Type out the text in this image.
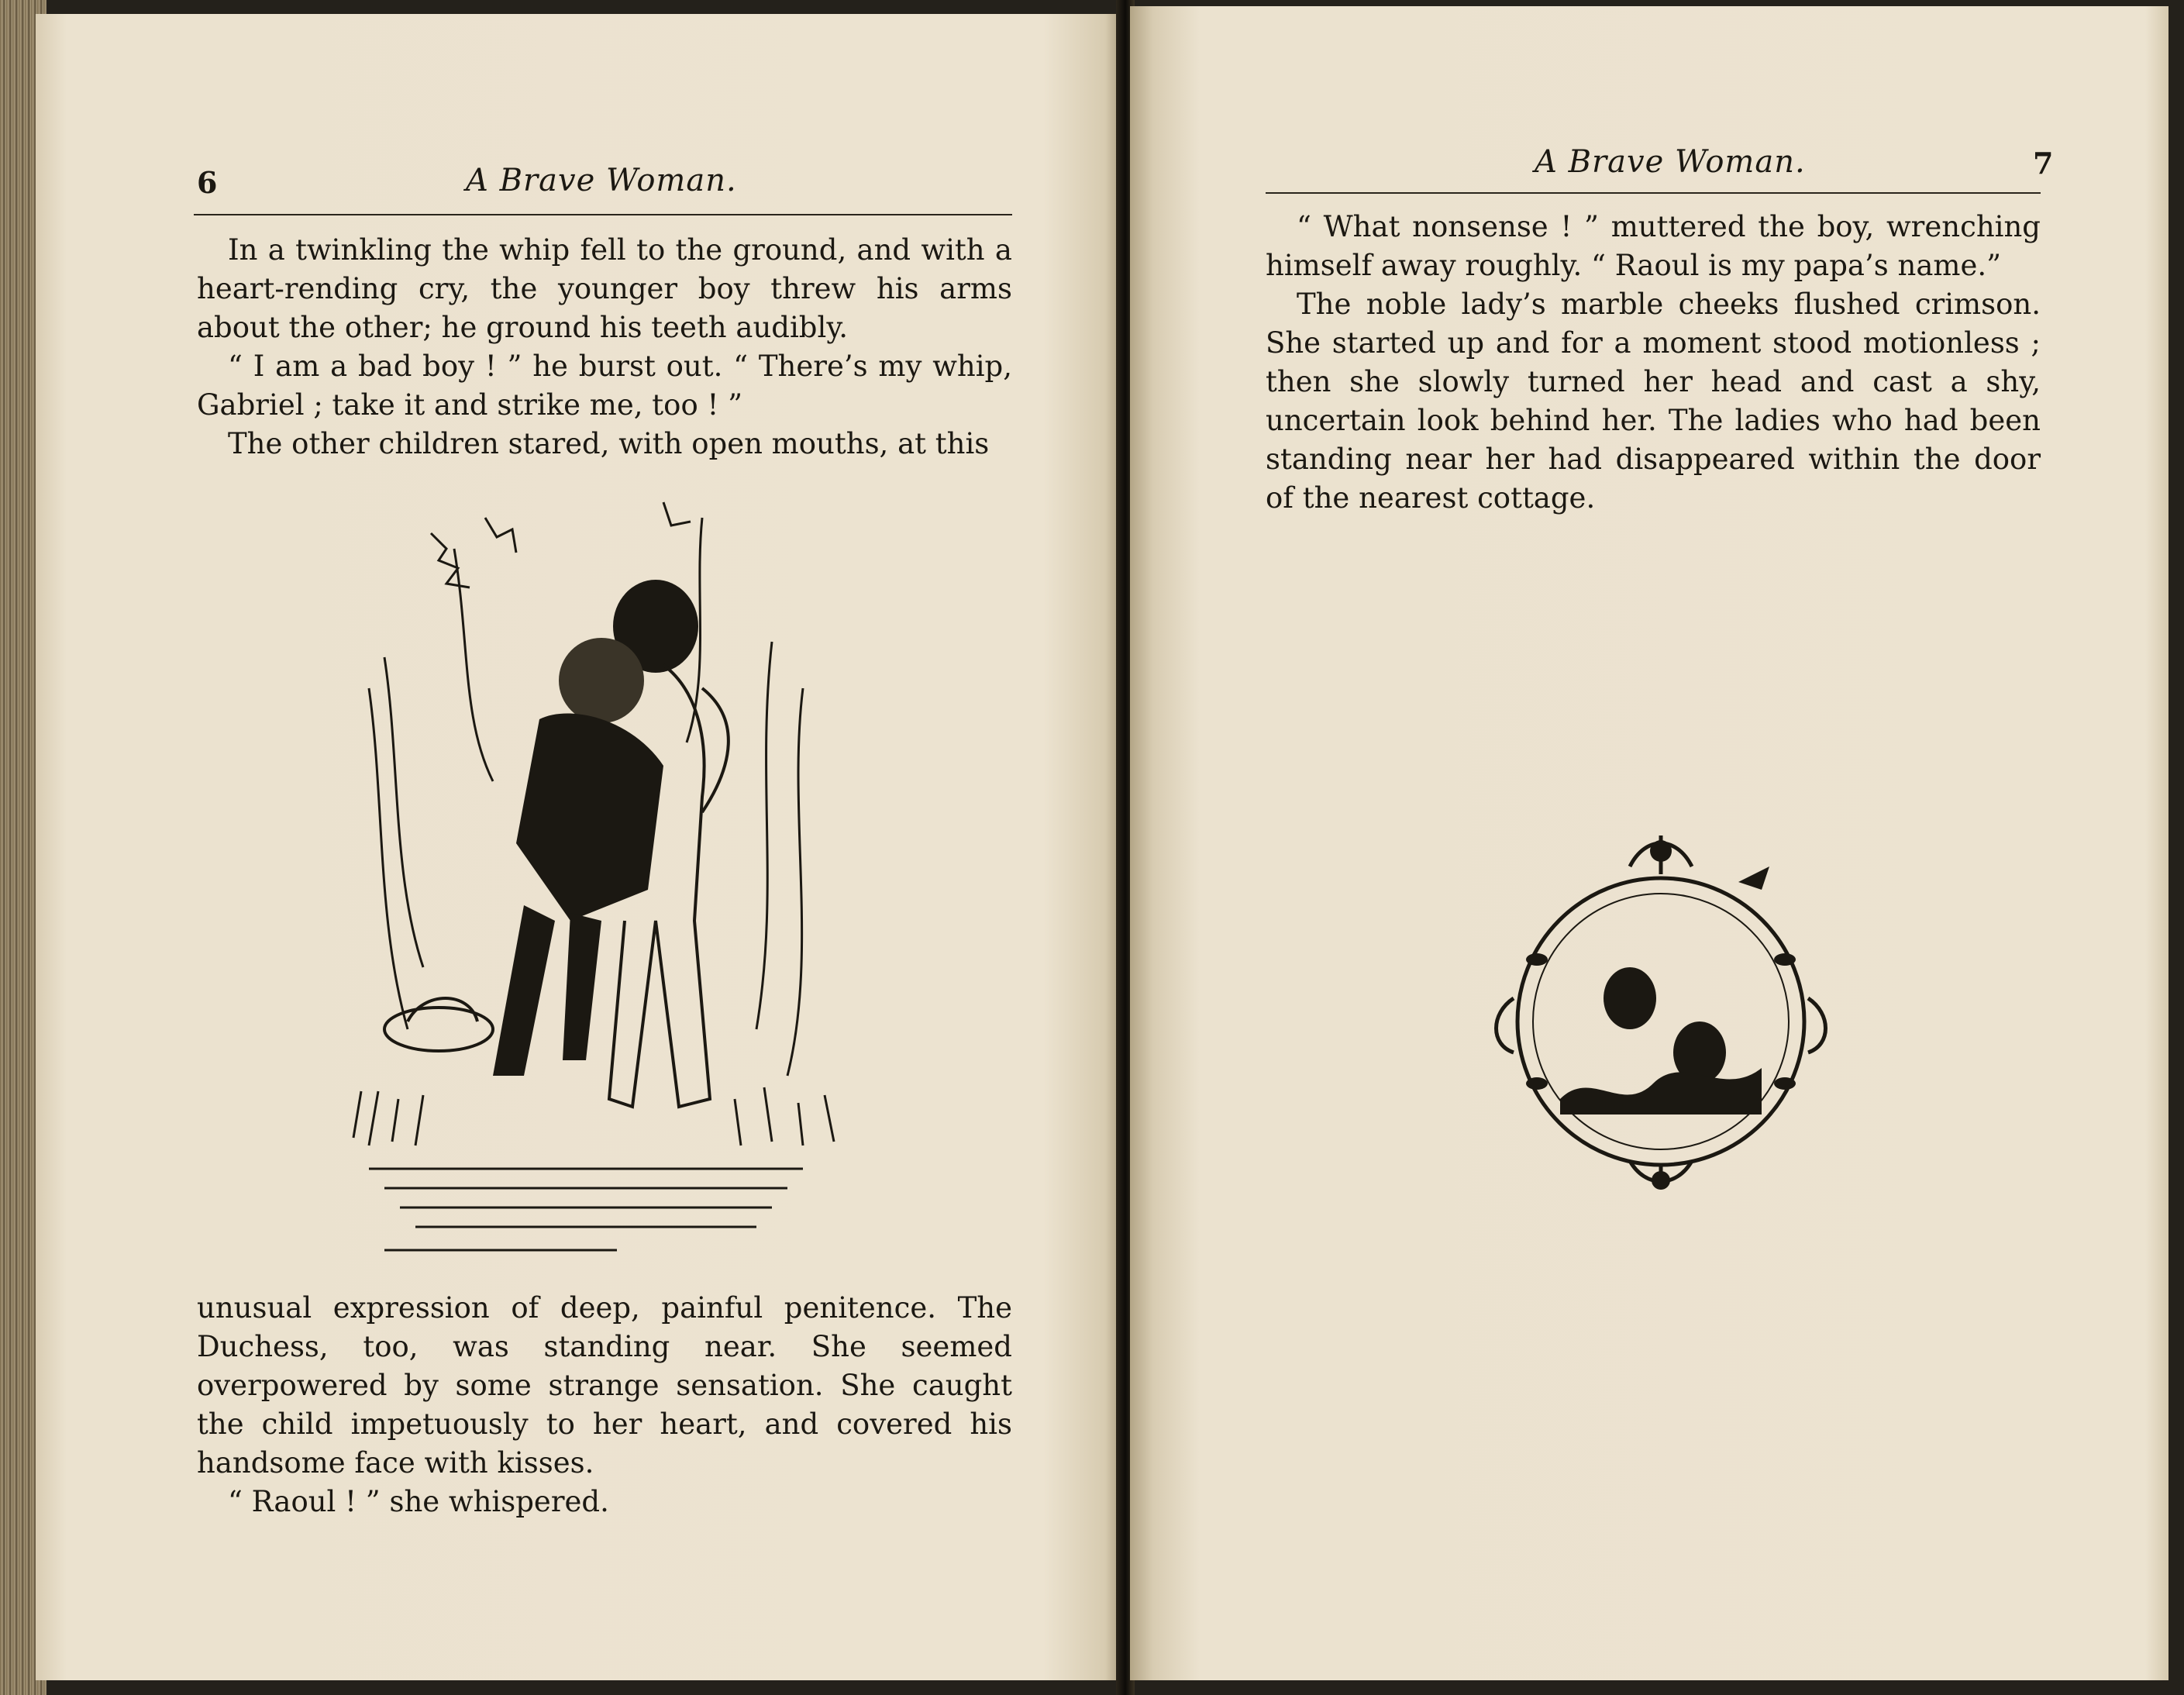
6	A Brave Woman.

In a twinkling the whip fell to the ground, and with a heart-rending cry, the younger boy threw his arms about the other; he ground his teeth audibly.

“ I am a bad boy ! ” he burst out. “ There’s my whip, Gabriel ; take it and strike me, too ! ”

The other children stared, with open mouths, at this

unusual expression of deep, painful penitence. The Duchess, too, was standing near. She seemed overpowered by some strange sensation. She caught the child impetuously to her heart, and covered his handsome face with kisses.

“ Raoul ! ” she whispered.

A Brave Woman.	7

“ What nonsense ! ” muttered the boy, wrenching himself away roughly. “ Raoul is my papa’s name.”

The noble lady’s marble cheeks flushed crimson. She started up and for a moment stood motionless ; then she slowly turned her head and cast a shy, uncertain look behind her. The ladies who had been standing near her had disappeared within the door of the nearest cottage.
